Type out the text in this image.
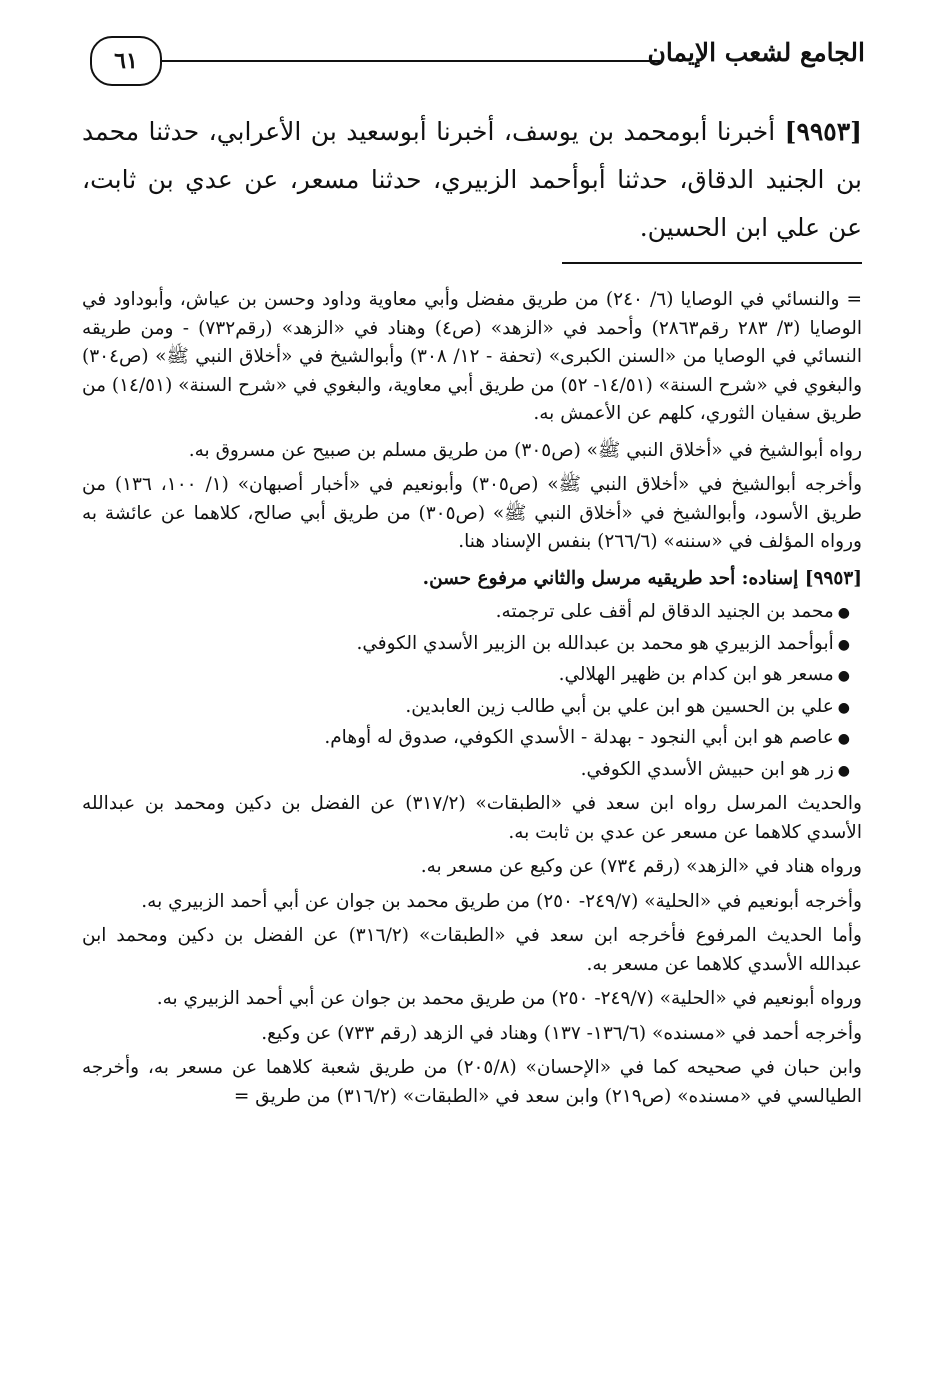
٦١	الجامع لشعب الإيمان
[٩٩٥٣] أخبرنا أبومحمد بن يوسف، أخبرنا أبوسعيد بن الأعرابي، حدثنا محمد بن الجنيد الدقاق، حدثنا أبوأحمد الزبيري، حدثنا مسعر، عن عدي بن ثابت، عن علي ابن الحسين.

= والنسائي في الوصايا (٦/ ٢٤٠) من طريق مفضل وأبي معاوية وداود وحسن بن عياش، وأبوداود في الوصايا (٣/ ٢٨٣ رقم٢٨٦٣) وأحمد في «الزهد» (ص٤) وهناد في «الزهد» (رقم٧٣٢) - ومن طريقه النسائي في الوصايا من «السنن الكبرى» (تحفة - ١٢/ ٣٠٨) وأبوالشيخ في «أخلاق النبي ﷺ» (ص٣٠٤) والبغوي في «شرح السنة» (١٤/٥١- ٥٢) من طريق أبي معاوية، والبغوي في «شرح السنة» (١٤/٥١) من طريق سفيان الثوري، كلهم عن الأعمش به.

رواه أبوالشيخ في «أخلاق النبي ﷺ» (ص٣٠٥) من طريق مسلم بن صبيح عن مسروق به.

وأخرجه أبوالشيخ في «أخلاق النبي ﷺ» (ص٣٠٥) وأبونعيم في «أخبار أصبهان» (١/ ١٠٠، ١٣٦) من طريق الأسود، وأبوالشيخ في «أخلاق النبي ﷺ» (ص٣٠٥) من طريق أبي صالح، كلاهما عن عائشة به ورواه المؤلف في «سننه» (٢٦٦/٦) بنفس الإسناد هنا.

[٩٩٥٣] إسناده: أحد طريقيه مرسل والثاني مرفوع حسن.

●محمد بن الجنيد الدقاق لم أقف على ترجمته.
●أبوأحمد الزبيري هو محمد بن عبدالله بن الزبير الأسدي الكوفي.
●مسعر هو ابن كدام بن ظهير الهلالي.
●علي بن الحسين هو ابن علي بن أبي طالب زين العابدين.
●عاصم هو ابن أبي النجود - بهدلة - الأسدي الكوفي، صدوق له أوهام.
●زر هو ابن حبيش الأسدي الكوفي.

والحديث المرسل رواه ابن سعد في «الطبقات» (٣١٧/٢) عن الفضل بن دكين ومحمد بن عبدالله الأسدي كلاهما عن مسعر عن عدي بن ثابت به.

ورواه هناد في «الزهد» (رقم ٧٣٤) عن وكيع عن مسعر به.

وأخرجه أبونعيم في «الحلية» (٢٤٩/٧- ٢٥٠) من طريق محمد بن جوان عن أبي أحمد الزبيري به.

وأما الحديث المرفوع فأخرجه ابن سعد في «الطبقات» (٣١٦/٢) عن الفضل بن دكين ومحمد ابن عبدالله الأسدي كلاهما عن مسعر به.

ورواه أبونعيم في «الحلية» (٢٤٩/٧- ٢٥٠) من طريق محمد بن جوان عن أبي أحمد الزبيري به.

وأخرجه أحمد في «مسنده» (١٣٦/٦- ١٣٧) وهناد في الزهد (رقم ٧٣٣) عن وكيع.

وابن حبان في صحيحه كما في «الإحسان» (٢٠٥/٨) من طريق شعبة كلاهما عن مسعر به، وأخرجه الطيالسي في «مسنده» (ص٢١٩) وابن سعد في «الطبقات» (٣١٦/٢) من طريق =
